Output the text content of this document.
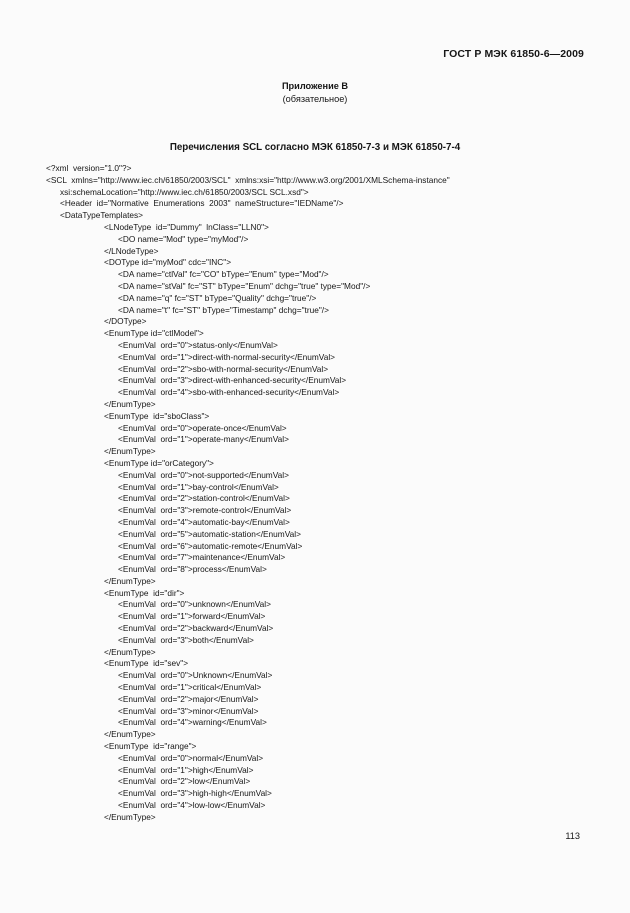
ГОСТ Р МЭК 61850-6—2009
Приложение В
(обязательное)
Перечисления SCL согласно МЭК 61850-7-3 и МЭК 61850-7-4
<?xml  version="1.0"?>
<SCL  xmlns="http://www.iec.ch/61850/2003/SCL"  xmlns:xsi="http://www.w3.org/2001/XMLSchema-instance"
xsi:schemaLocation="http://www.iec.ch/61850/2003/SCL SCL.xsd">
<Header  id="Normative  Enumerations  2003"  nameStructure="IEDName"/>
<DataTypeTemplates>
<LNodeType  id="Dummy"  lnClass="LLN0">
<DO name="Mod" type="myMod"/>
</LNodeType>
<DOType id="myMod" cdc="INC">
<DA name="ctlVal" fc="CO" bType="Enum" type="Mod"/>
<DA name="stVal" fc="ST" bType="Enum" dchg="true" type="Mod"/>
<DA name="q" fc="ST" bType="Quality" dchg="true"/>
<DA name="t" fc="ST" bType="Timestamp" dchg="true"/>
</DOType>
<EnumType id="ctlModel">
<EnumVal  ord="0">status-only</EnumVal>
<EnumVal  ord="1">direct-with-normal-security</EnumVal>
<EnumVal  ord="2">sbo-with-normal-security</EnumVal>
<EnumVal  ord="3">direct-with-enhanced-security</EnumVal>
<EnumVal  ord="4">sbo-with-enhanced-security</EnumVal>
</EnumType>
<EnumType  id="sboClass">
<EnumVal  ord="0">operate-once</EnumVal>
<EnumVal  ord="1">operate-many</EnumVal>
</EnumType>
<EnumType id="orCategory">
<EnumVal  ord="0">not-supported</EnumVal>
<EnumVal  ord="1">bay-control</EnumVal>
<EnumVal  ord="2">station-control</EnumVal>
<EnumVal  ord="3">remote-control</EnumVal>
<EnumVal  ord="4">automatic-bay</EnumVal>
<EnumVal  ord="5">automatic-station</EnumVal>
<EnumVal  ord="6">automatic-remote</EnumVal>
<EnumVal  ord="7">maintenance</EnumVal>
<EnumVal  ord="8">process</EnumVal>
</EnumType>
<EnumType  id="dir">
<EnumVal  ord="0">unknown</EnumVal>
<EnumVal  ord="1">forward</EnumVal>
<EnumVal  ord="2">backward</EnumVal>
<EnumVal  ord="3">both</EnumVal>
</EnumType>
<EnumType  id="sev">
<EnumVal  ord="0">Unknown</EnumVal>
<EnumVal  ord="1">critical</EnumVal>
<EnumVal  ord="2">major</EnumVal>
<EnumVal  ord="3">minor</EnumVal>
<EnumVal  ord="4">warning</EnumVal>
</EnumType>
<EnumType  id="range">
<EnumVal  ord="0">normal</EnumVal>
<EnumVal  ord="1">high</EnumVal>
<EnumVal  ord="2">low</EnumVal>
<EnumVal  ord="3">high-high</EnumVal>
<EnumVal  ord="4">low-low</EnumVal>
</EnumType>
113
